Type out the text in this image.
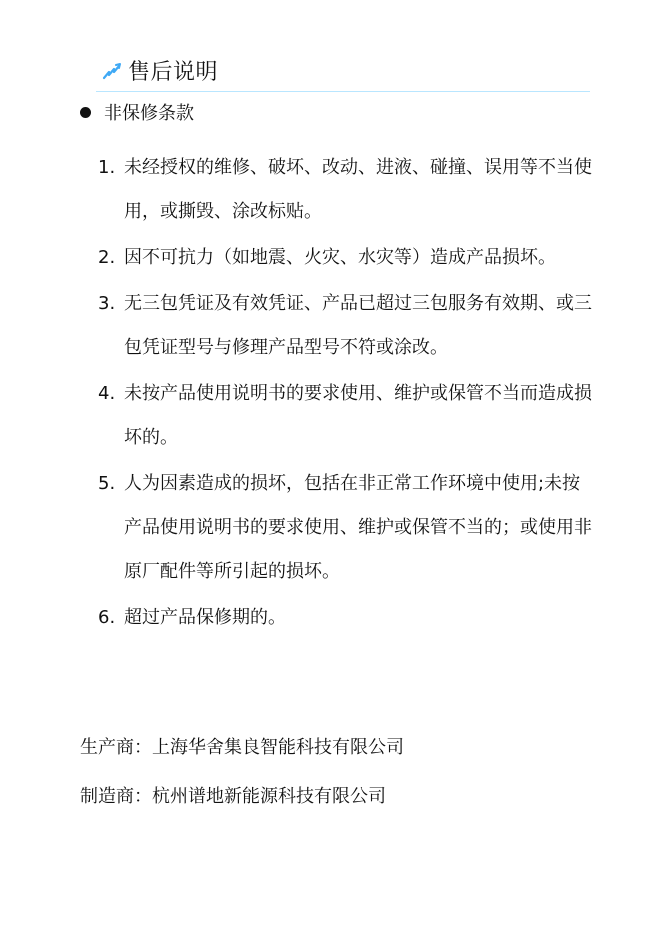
售后说明
非保修条款
1. 未经授权的维修、破坏、改动、进液、碰撞、误用等不当使用，或撕毁、涂改标贴。
2. 因不可抗力（如地震、火灾、水灾等）造成产品损坏。
3. 无三包凭证及有效凭证、产品已超过三包服务有效期、或三包凭证型号与修理产品型号不符或涂改。
4. 未按产品使用说明书的要求使用、维护或保管不当而造成损坏的。
5. 人为因素造成的损坏，包括在非正常工作环境中使用;未按产品使用说明书的要求使用、维护或保管不当的；或使用非原厂配件等所引起的损坏。
6. 超过产品保修期的。
生产商：上海华舍集良智能科技有限公司
制造商：杭州谱地新能源科技有限公司
